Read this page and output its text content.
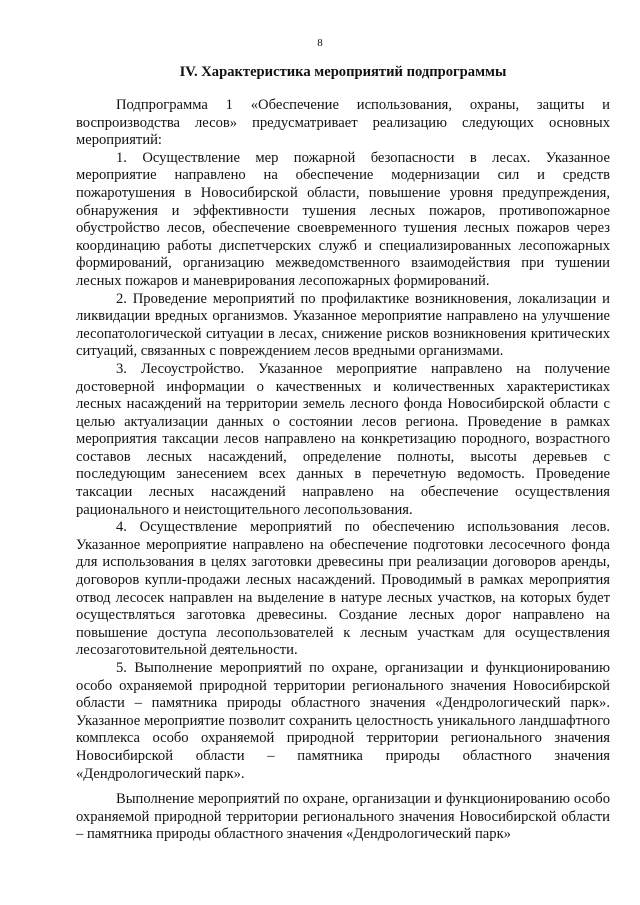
8
IV. Характеристика мероприятий подпрограммы

Подпрограмма 1 «Обеспечение использования, охраны, защиты и воспроизводства лесов» предусматривает реализацию следующих основных мероприятий:

1. Осуществление мер пожарной безопасности в лесах. Указанное мероприятие направлено на обеспечение модернизации сил и средств пожаротушения в Новосибирской области, повышение уровня предупреждения, обнаружения и эффективности тушения лесных пожаров, противопожарное обустройство лесов, обеспечение своевременного тушения лесных пожаров через координацию работы диспетчерских служб и специализированных лесопожарных формирований, организацию межведомственного взаимодействия при тушении лесных пожаров и маневрирования лесопожарных формирований.

2. Проведение мероприятий по профилактике возникновения, локализации и ликвидации вредных организмов. Указанное мероприятие направлено на улучшение лесопатологической ситуации в лесах, снижение рисков возникновения критических ситуаций, связанных с повреждением лесов вредными организмами.

3. Лесоустройство. Указанное мероприятие направлено на получение достоверной информации о качественных и количественных характеристиках лесных насаждений на территории земель лесного фонда Новосибирской области с целью актуализации данных о состоянии лесов региона. Проведение в рамках мероприятия таксации лесов направлено на конкретизацию породного, возрастного составов лесных насаждений, определение полноты, высоты деревьев с последующим занесением всех данных в перечетную ведомость. Проведение таксации лесных насаждений направлено на обеспечение осуществления рационального и неистощительного лесопользования.

4. Осуществление мероприятий по обеспечению использования лесов. Указанное мероприятие направлено на обеспечение подготовки лесосечного фонда для использования в целях заготовки древесины при реализации договоров аренды, договоров купли-продажи лесных насаждений. Проводимый в рамках мероприятия отвод лесосек направлен на выделение в натуре лесных участков, на которых будет осуществляться заготовка древесины. Создание лесных дорог направлено на повышение доступа лесопользователей к лесным участкам для осуществления лесозаготовительной деятельности.

5. Выполнение мероприятий по охране, организации и функционированию особо охраняемой природной территории регионального значения Новосибирской области – памятника природы областного значения «Дендрологический парк». Указанное мероприятие позволит сохранить целостность уникального ландшафтного комплекса особо охраняемой природной территории регионального значения Новосибирской области – памятника природы областного значения «Дендрологический парк».

Выполнение мероприятий по охране, организации и функционированию особо охраняемой природной территории регионального значения Новосибирской области – памятника природы областного значения «Дендрологический парк»
